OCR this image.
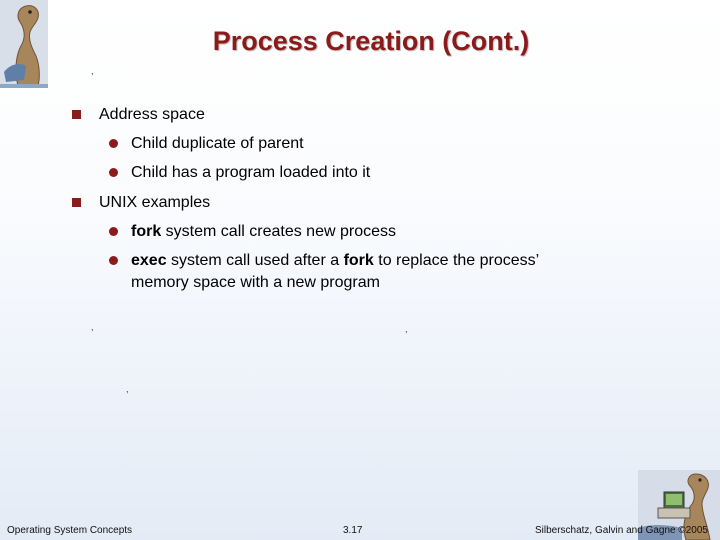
Process Creation (Cont.)
Address space
Child duplicate of parent
Child has a program loaded into it
UNIX examples
fork system call creates new process
exec system call used after a fork to replace the process’
memory space with a new program
,
,	,
,
Operating System Concepts	3.17	Silberschatz, Galvin and Gagne ©2005
